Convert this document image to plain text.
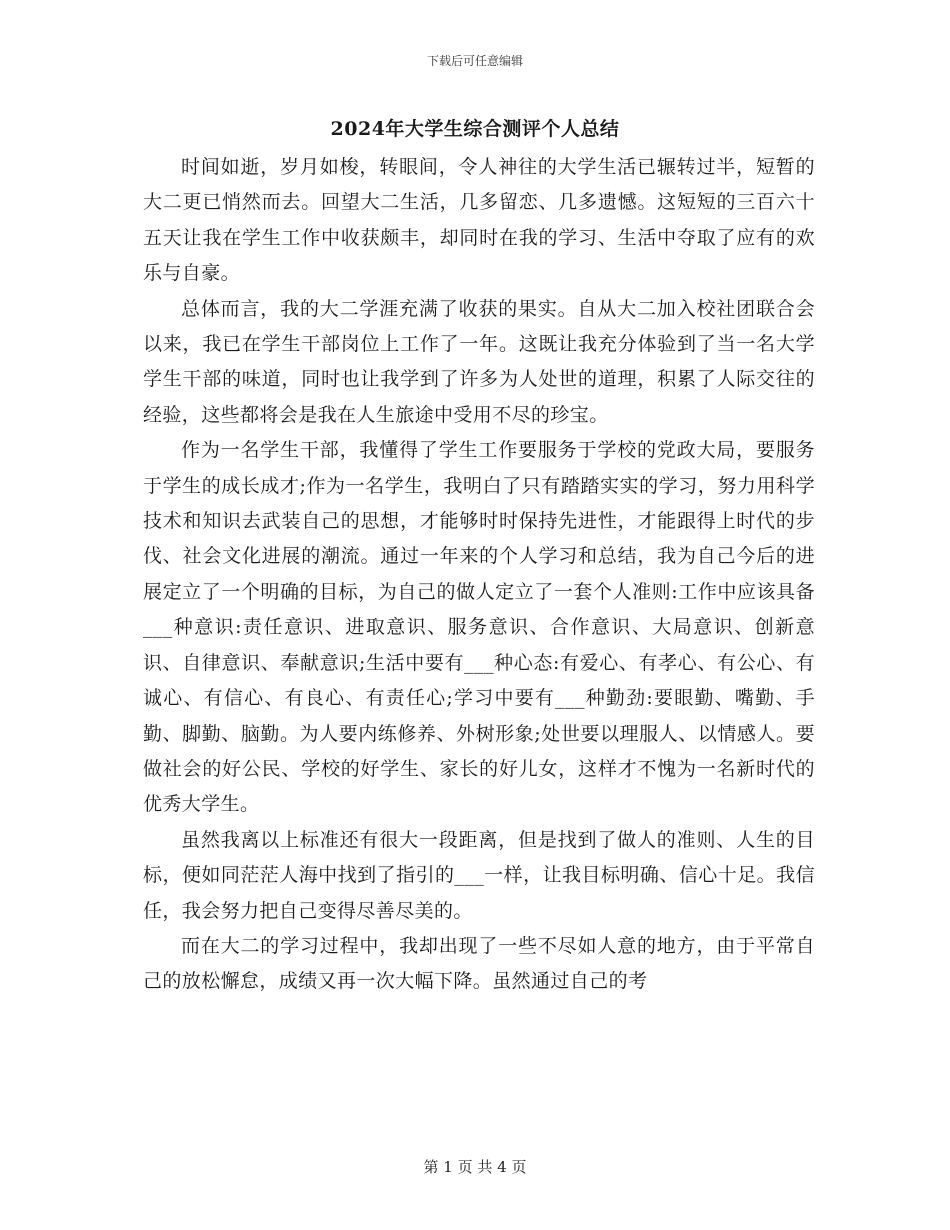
下载后可任意编辑
2024年大学生综合测评个人总结

时间如逝，岁月如梭，转眼间，令人神往的大学生活已辗转过半，短暂的大二更已悄然而去。回望大二生活，几多留恋、几多遗憾。这短短的三百六十五天让我在学生工作中收获颇丰，却同时在我的学习、生活中夺取了应有的欢乐与自豪。

总体而言，我的大二学涯充满了收获的果实。自从大二加入校社团联合会以来，我已在学生干部岗位上工作了一年。这既让我充分体验到了当一名大学学生干部的味道，同时也让我学到了许多为人处世的道理，积累了人际交往的经验，这些都将会是我在人生旅途中受用不尽的珍宝。

作为一名学生干部，我懂得了学生工作要服务于学校的党政大局，要服务于学生的成长成才;作为一名学生，我明白了只有踏踏实实的学习，努力用科学技术和知识去武装自己的思想，才能够时时保持先进性，才能跟得上时代的步伐、社会文化进展的潮流。通过一年来的个人学习和总结，我为自己今后的进展定立了一个明确的目标，为自己的做人定立了一套个人准则:工作中应该具备___种意识:责任意识、进取意识、服务意识、合作意识、大局意识、创新意识、自律意识、奉献意识;生活中要有___种心态:有爱心、有孝心、有公心、有诚心、有信心、有良心、有责任心;学习中要有___种勤劲:要眼勤、嘴勤、手勤、脚勤、脑勤。为人要内练修养、外树形象;处世要以理服人、以情感人。要做社会的好公民、学校的好学生、家长的好儿女，这样才不愧为一名新时代的优秀大学生。

虽然我离以上标准还有很大一段距离，但是找到了做人的准则、人生的目标，便如同茫茫人海中找到了指引的___一样，让我目标明确、信心十足。我信任，我会努力把自己变得尽善尽美的。

而在大二的学习过程中，我却出现了一些不尽如人意的地方，由于平常自己的放松懈怠，成绩又再一次大幅下降。虽然通过自己的考

第 1 页 共 4 页
